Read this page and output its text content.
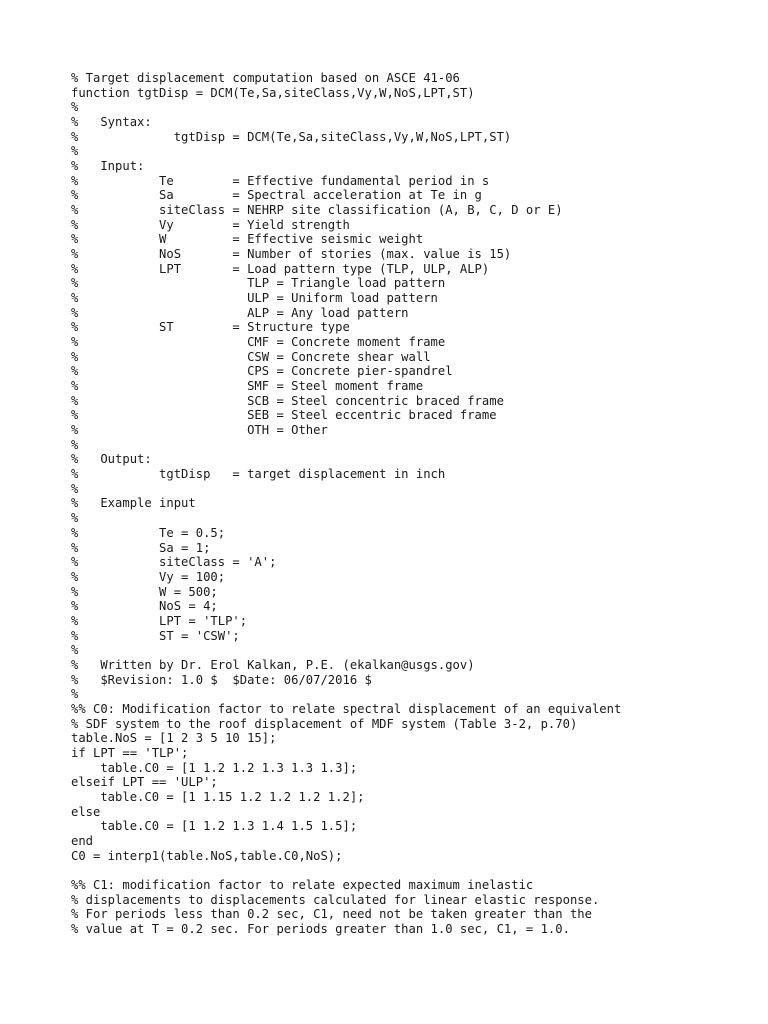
% Target displacement computation based on ASCE 41-06
function tgtDisp = DCM(Te,Sa,siteClass,Vy,W,NoS,LPT,ST)
%
%   Syntax:
%             tgtDisp = DCM(Te,Sa,siteClass,Vy,W,NoS,LPT,ST)
%
%   Input:
%           Te        = Effective fundamental period in s
%           Sa        = Spectral acceleration at Te in g
%           siteClass = NEHRP site classification (A, B, C, D or E)
%           Vy        = Yield strength
%           W         = Effective seismic weight
%           NoS       = Number of stories (max. value is 15)
%           LPT       = Load pattern type (TLP, ULP, ALP)
%                       TLP = Triangle load pattern
%                       ULP = Uniform load pattern
%                       ALP = Any load pattern
%           ST        = Structure type
%                       CMF = Concrete moment frame
%                       CSW = Concrete shear wall
%                       CPS = Concrete pier-spandrel
%                       SMF = Steel moment frame
%                       SCB = Steel concentric braced frame
%                       SEB = Steel eccentric braced frame
%                       OTH = Other
%
%   Output:
%           tgtDisp   = target displacement in inch
%
%   Example input
%
%           Te = 0.5;
%           Sa = 1;
%           siteClass = 'A';
%           Vy = 100;
%           W = 500;
%           NoS = 4;
%           LPT = 'TLP';
%           ST = 'CSW';
%
%   Written by Dr. Erol Kalkan, P.E. (ekalkan@usgs.gov)
%   $Revision: 1.0 $  $Date: 06/07/2016 $
%
%% C0: Modification factor to relate spectral displacement of an equivalent
% SDF system to the roof displacement of MDF system (Table 3-2, p.70)
table.NoS = [1 2 3 5 10 15];
if LPT == 'TLP';
table.C0 = [1 1.2 1.2 1.3 1.3 1.3];
elseif LPT == 'ULP';
table.C0 = [1 1.15 1.2 1.2 1.2 1.2];
else
table.C0 = [1 1.2 1.3 1.4 1.5 1.5];
end
C0 = interp1(table.NoS,table.C0,NoS);
%% C1: modification factor to relate expected maximum inelastic
% displacements to displacements calculated for linear elastic response.
% For periods less than 0.2 sec, C1, need not be taken greater than the
% value at T = 0.2 sec. For periods greater than 1.0 sec, C1, = 1.0.
